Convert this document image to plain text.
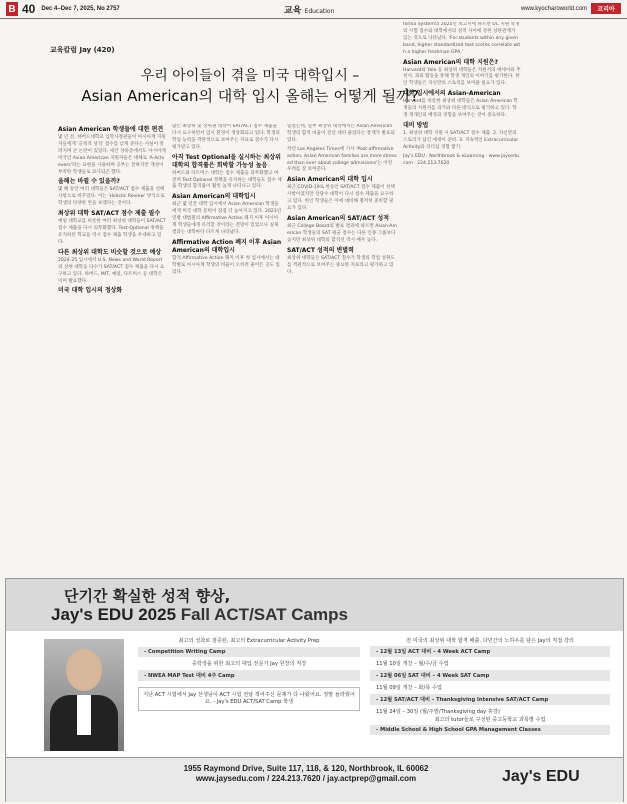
B 40 Dec 4–Dec 7, 2025, No 2757	교육 Education	www.kyocharoworld.com	코리아
교육칼럼 Jay (420)
우리 아이들이 겪을 미국 대학입시 –
Asian American의 대학 입시 올해는 어떻게 될까?
Asian American 학생들에 대한 편견

몇 년 전, 하버드대학교 입학사정관들이 아시아계 지원자들에게 '긍정적 성격' 점수를 낮게 준다는 사실이 알려지며 큰 논란이 있었다. 세간 상류층에서도 아시아계 미국인 Asian American 지원자들은 대체로 'A-Achievers'라는 표현을 사용하며 공부는 잘하지만 개성이 부족한 학생들로 묘사되곤 했다.

올해는 바뀔 수 있을까?

몇 해 동안 여러 대학들은 SAT/ACT 점수 제출을 선택 사항으로 바꾸었다. 이는 'Holistic Review' 방식으로 학생의 다양한 면을 보겠다는 것이다.

최상위 대학 SAT/ACT 점수 제출 필수

예일 대학교를 비롯한 여러 최상위 대학들이 SAT/ACT 점수 제출을 다시 의무화했다. Test-Optional 정책을 유지하던 학교들 역시 점수 제출 학생을 우대하고 있다.

다른 최상위 대학도 비슷할 것으로 예상

2024-25 입시에서 U.S. News and World Report의 상위 대학들 다수가 SAT/ACT 점수 제출을 다시 요구하고 있다. 하버드, MIT, 예일, 다트머스 등 대학은 이미 발표했다.

미국 대학 입시의 정상화

많은 최상위 및 상위권 대학이 SAT/ACT 점수 제출을 다시 요구하면서 입시 환경이 정상화되고 있다. 학생의 학업 능력을 객관적으로 보여주는 지표로 점수가 다시 평가받고 있다.

아직 Test Optional을 실시하는 최상위 대학의 합격률은 희박할 가능성 높음

하버드와 다트머스 대학은 점수 제출을 의무화했고 여전히 Test Optional 정책을 유지하는 대학들도 점수 제출 학생의 합격률이 훨씬 높게 나타나고 있다.

Asian American의 대학입시

최근 몇 년간 대학 입시에서 Asian American 학생들에게 미국 대학 문턱이 점점 더 높아지고 있다. 2023년 연방 대법원의 Affirmative Action 폐지 이후 아시아계 학생들에게 유리할 것이라는 전망이 있었으나 실제 결과는 대학마다 다르게 나타났다.

Affirmative Action 폐지 이후 Asian American의 대학입시

합격 Affirmative Action 폐지 이후 첫 입시에서는 대학별로 아시아계 학생의 비율이 오히려 줄어든 곳도 있었다.

일었는데, 일부 최상위 대학에서는 Asian American 학생의 합격 비율이 전년 대비 줄었다는 통계가 발표되었다.

작년 Los Angeles Times에 기사 'Post-affirmative action, Asian American families are more stressed than ever about college admissions'는 이런 우려를 잘 보여준다.

Asian American의 대학 입시

최근 COVID-19로 한동안 SAT/ACT 점수 제출이 선택 사항이었지만 상당수 대학이 다시 점수 제출을 요구하고 있다. 한인 학생들은 이에 대비해 철저히 준비할 필요가 있다.

Asian American의 SAT/ACT 성적

최근 College Board의 발표 결과에 따르면 Asian-American 학생들의 SAT 평균 점수는 다른 인종 그룹보다 높지만 최상위 대학의 합격선 역시 매우 높다.

SAT/ACT 성적의 변별력

최상위 대학들은 SAT/ACT 점수가 학생의 학업 성취도를 객관적으로 보여주는 중요한 지표라고 평가하고 있다.

fornia System의 2025년 보고서에 따르면 UC 지원 학생의 시험 점수와 대학에서의 성적 사이에 강한 상관관계가 있는 것으로 나타났다. 'For students within any given band, higher standardized test scores correlate with a higher freshman GPA.'

Asian American의 대학 지원은?

Harvard와 Yale 등 최상위 대학들은 지원서의 에세이와 추천서, 과외 활동을 통해 학생 개인의 이야기를 평가한다. 한인 학생들은 자신만의 스토리를 보여줄 필요가 있다.

대학 입시에서의 Asian-American

Harvard를 비롯한 최상위 대학들은 Asian American 학생들의 지원서를 과거와 다른 방식으로 평가하고 있다. 학생 개개인의 배경과 경험을 보여주는 것이 중요하다.

대비 방법

1. 최상위 대학 지원 시 SAT/ACT 점수 제출. 2. 자신만의 스토리가 담긴 에세이 준비. 3. 지속적인 Extracurricular Activity와 리더십 경험 쌓기.

Jay's EDU · Northbrook & eLearning · www.jaysedu.com · 224.213.7620

단기간 확실한 성적 향상,
Jay's EDU 2025 Fall ACT/SAT Camps

최고의 성과로 검증된, 최고의 Extracurricular Activity Prep

- Competition Writing Camp

중학생을 위한 최고의 대입 전문가 Jay 원장의 직강

- NWEA MAP Test 대비 4주 Camp
지난 ACT 시험에서 Jay 선생님이 ACT 시험 전날 적어주신 문제가 다 나왔어요. 정말 놀라웠어요. - Jay's EDU ACT/SAT Camp 학생

전 미국의 최상위 대학 합격 배출, 다년간의 노하우를 담은 Jay의 직접 강의

- 12월 13일 ACT 대비 – 4 Week ACT Camp
11월 10일 개강 – 월/수/금 수업
- 12월 06일 SAT 대비 – 4 Week SAT Camp
11월 09일 개강 – 화/목 수업
- 12월 SAT/ACT 대비 – Thanksgiving Intensive SAT/ACT Camp
11월 24일 – 30일 (월/주말/Thanksgiving day 휴강)

최고의 tutor들로 구성된 중고등학교 과목별 수업

- Middle School & High School GPA Management Classes
1955 Raymond Drive, Suite 117, 118, & 120, Northbrook, IL 60062
www.jaysedu.com / 224.213.7620 / jay.actprep@gmail.com	Jay's EDU
